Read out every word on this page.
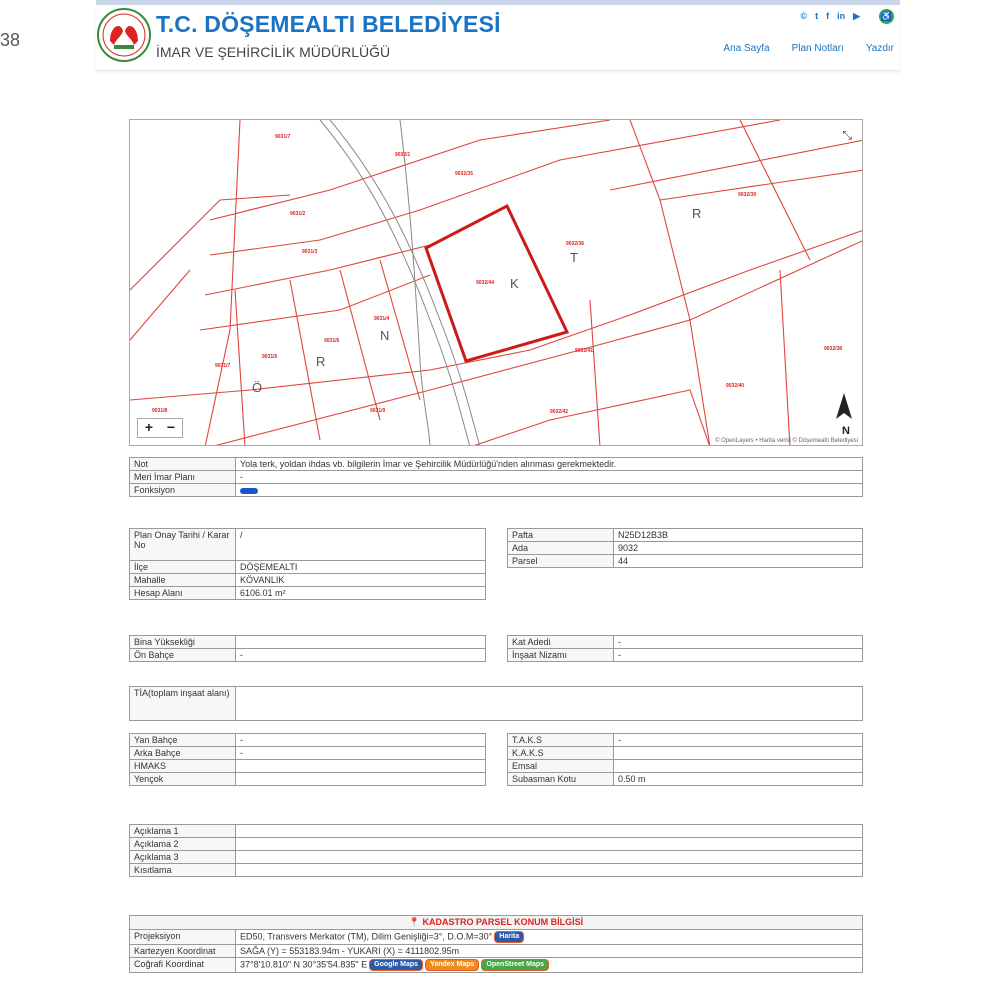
38
T.C. DÖŞEMEALTI BELEDİYESİ
İMAR VE ŞEHİRCİLİK MÜDÜRLÜĞÜ
© t f in ▶ ♿
Ana Sayfa Plan Notları Yazdır
9031/7
9032/1
9032/35
9031/2
9031/3
9032/44
9032/39
9031/5
9031/6
9031/7
9032/41	9032/38
9031/8	9031/9	9032/42
9032/36
9032/40
9031/4
Ö
R
N
K
T
R
⤡
+ −	N
© OpenLayers • Harita verisi © Döşemealtı Belediyesi
Not	Yola terk, yoldan ihdas vb. bilgilerin İmar ve Şehircilik Müdürlüğü'nden alınması gerekmektedir.
Meri İmar Planı	-
Fonksiyon	
Plan Onay Tarihi / Karar No	/
İlçe	DÖŞEMEALTI
Mahalle	KÖVANLIK
Hesap Alanı	6106.01 m²
Pafta	N25D12B3B
Ada	9032
Parsel	44
Bina Yüksekliği	
Ön Bahçe	-
Kat Adedi	-
İnşaat Nizamı	-
TİA(toplam inşaat alanı)	
Yan Bahçe	-
Arka Bahçe	-
HMAKS	
Yençok	
T.A.K.S	-
K.A.K.S	
Emsal	
Subasman Kotu	0.50 m
Açıklama 1	
Açıklama 2	
Açıklama 3	
Kısıtlama	
📍 KADASTRO PARSEL KONUM BİLGİSİ	
Projeksiyon	ED50, Transvers Merkator (TM), Dilim Genişliği=3°, D.O.M=30° Harita
Kartezyen Koordinat	SAĞA (Y) = 553183.94m - YUKARI (X) = 4111802.95m
Coğrafi Koordinat	37°8'10.810" N 30°35'54.835" E Google Maps Yandex Maps OpenStreet Maps
